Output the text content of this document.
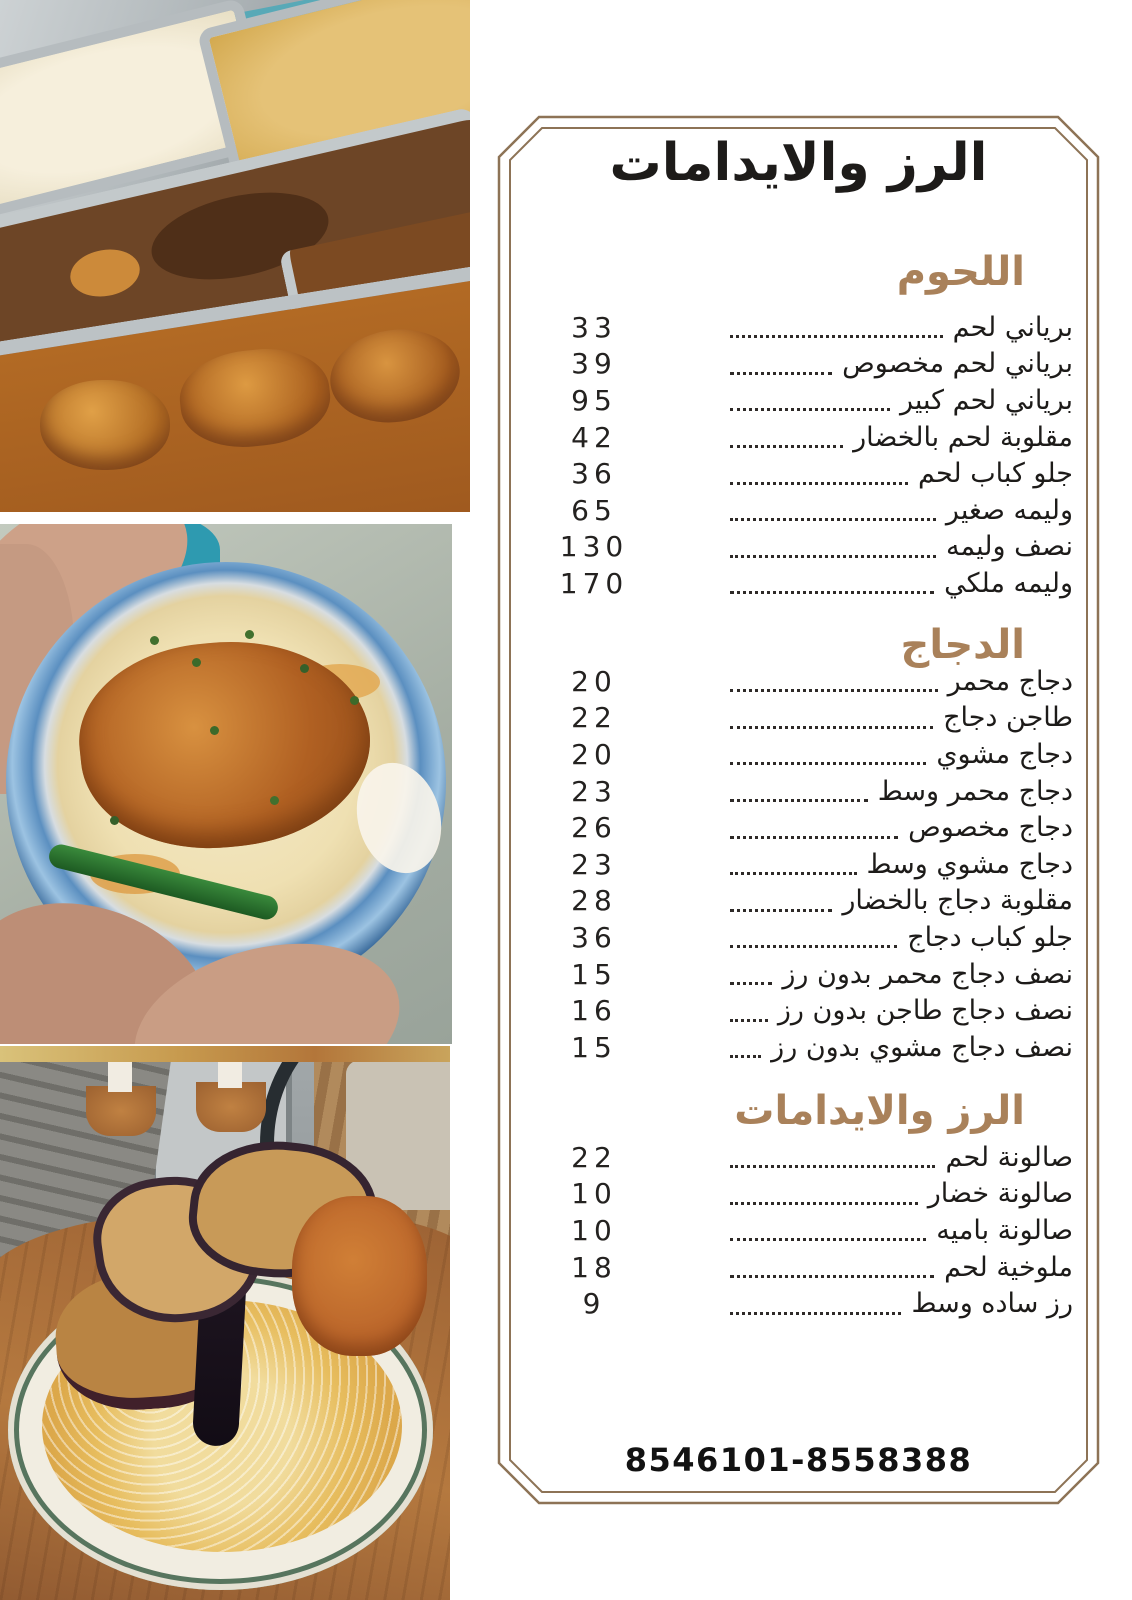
الرز والايدامات
اللحوم
33	برياني لحم
39	برياني لحم مخصوص
95	برياني لحم كبير
42	مقلوبة لحم بالخضار
36	جلو كباب لحم
65	وليمه صغير
130	نصف وليمه
170	وليمه ملكي
الدجاج
20	دجاج محمر
22	طاجن دجاج
20	دجاج مشوي
23	دجاج محمر وسط
26	دجاج مخصوص
23	دجاج مشوي وسط
28	مقلوبة دجاج بالخضار
36	جلو كباب دجاج
15	نصف دجاج محمر بدون رز
16	نصف دجاج طاجن بدون رز
15	نصف دجاج مشوي بدون رز
الرز والايدامات
22	صالونة لحم
10	صالونة خضار
10	صالونة باميه
18	ملوخية لحم
9	رز ساده وسط
8546101-8558388
